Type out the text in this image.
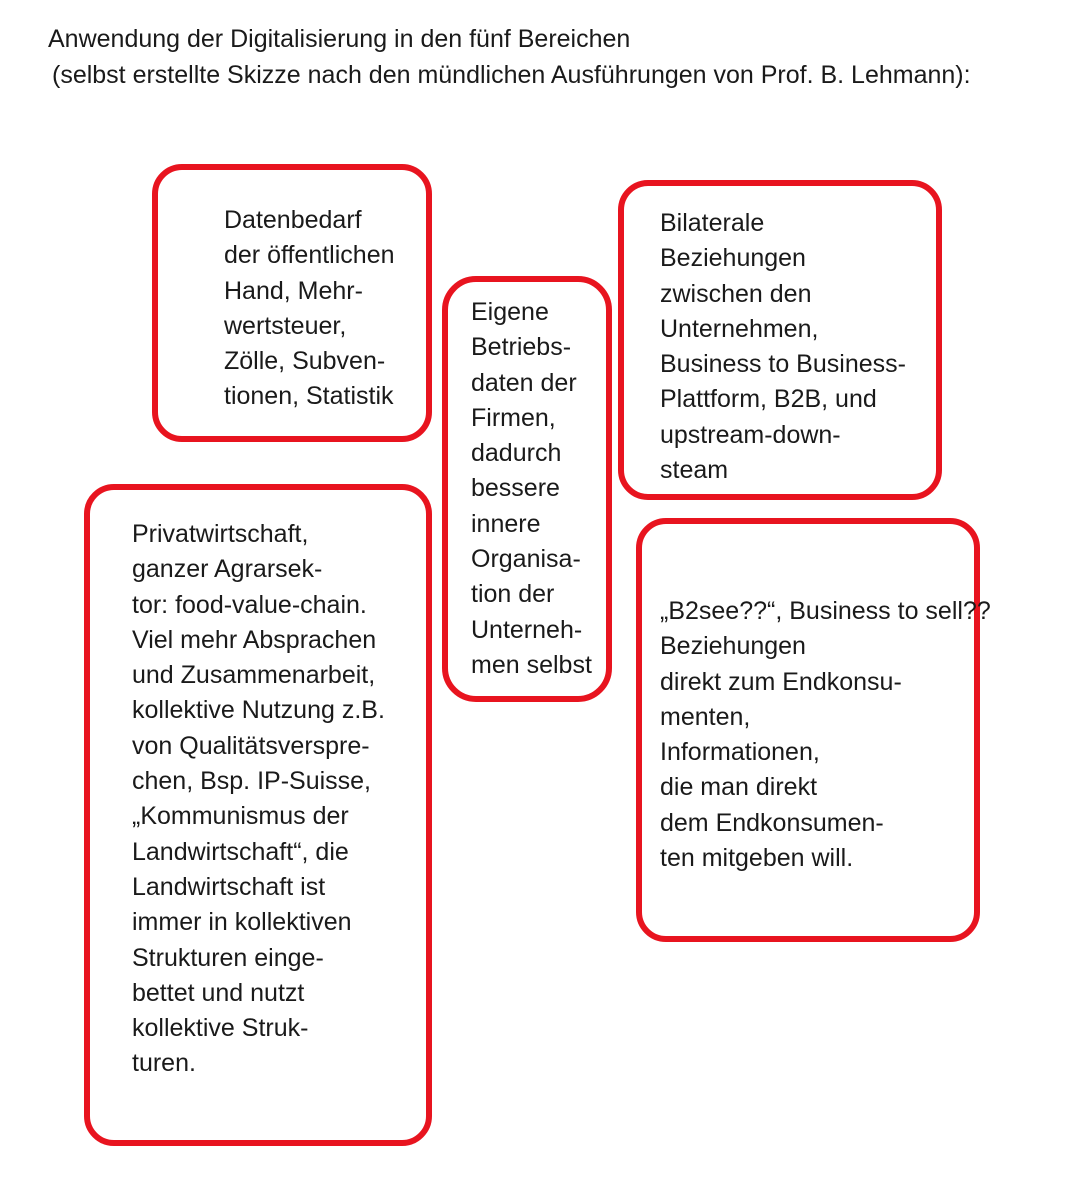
Anwendung der Digitalisierung in den fünf Bereichen

(selbst erstellte Skizze nach den mündlichen Ausführungen von Prof. B. Lehmann):

Datenbedarf
der öffentlichen
Hand, Mehr-
wertsteuer,
Zölle, Subven-
tionen, Statistik
Eigene
Betriebs-
daten der
Firmen,
dadurch
bessere
innere
Organisa-
tion der
Unterneh-
men selbst
Bilaterale
Beziehungen
zwischen den
Unternehmen,
Business to Business-
Plattform, B2B, und
upstream-down-
steam
Privatwirtschaft,
ganzer Agrarsek-
tor: food-value-chain.
Viel mehr Absprachen
und Zusammenarbeit,
kollektive Nutzung z.B.
von Qualitätsverspre-
chen, Bsp. IP-Suisse,
„Kommunismus der
Landwirtschaft“, die
Landwirtschaft ist
immer in kollektiven
Strukturen einge-
bettet und nutzt
kollektive Struk-
turen.
„B2see??“, Business to sell??
Beziehungen
direkt zum Endkonsu-
menten,
Informationen,
die man direkt
dem Endkonsumen-
ten mitgeben will.
